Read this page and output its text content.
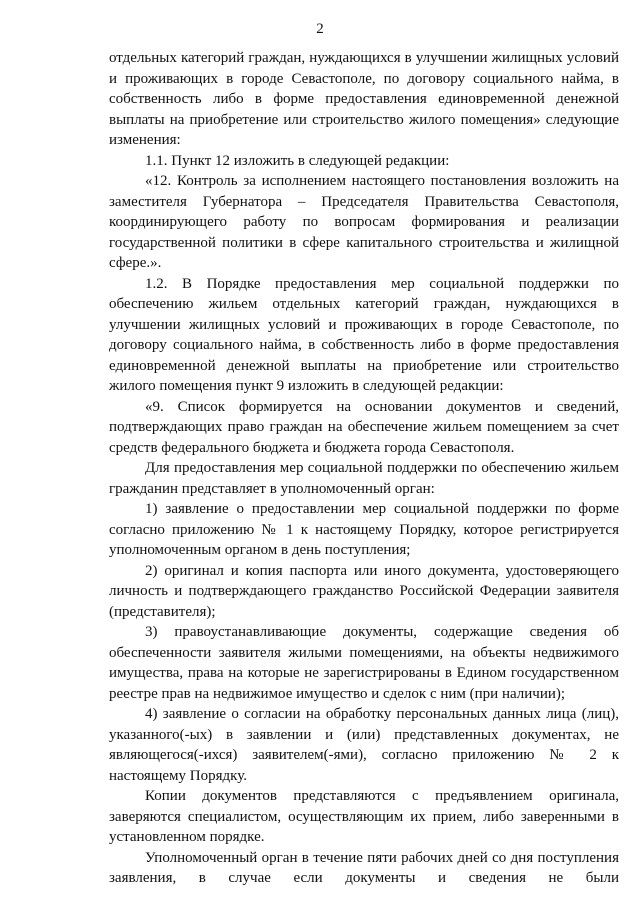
2

отдельных категорий граждан, нуждающихся в улучшении жилищных условий и проживающих в городе Севастополе, по договору социального найма, в собственность либо в форме предоставления единовременной денежной выплаты на приобретение или строительство жилого помещения» следующие изменения:

1.1. Пункт 12 изложить в следующей редакции:

«12. Контроль за исполнением настоящего постановления возложить на заместителя Губернатора – Председателя Правительства Севастополя, координирующего работу по вопросам формирования и реализации государственной политики в сфере капитального строительства и жилищной сфере.».

1.2. В Порядке предоставления мер социальной поддержки по обеспечению жильем отдельных категорий граждан, нуждающихся в улучшении жилищных условий и проживающих в городе Севастополе, по договору социального найма, в собственность либо в форме предоставления единовременной денежной выплаты на приобретение или строительство жилого помещения пункт 9 изложить в следующей редакции:

«9. Список формируется на основании документов и сведений, подтверждающих право граждан на обеспечение жильем помещением за счет средств федерального бюджета и бюджета города Севастополя.

Для предоставления мер социальной поддержки по обеспечению жильем гражданин представляет в уполномоченный орган:

1) заявление о предоставлении мер социальной поддержки по форме согласно приложению № 1 к настоящему Порядку, которое регистрируется уполномоченным органом в день поступления;

2) оригинал и копия паспорта или иного документа, удостоверяющего личность и подтверждающего гражданство Российской Федерации заявителя (представителя);

3) правоустанавливающие документы, содержащие сведения об обеспеченности заявителя жилыми помещениями, на объекты недвижимого имущества, права на которые не зарегистрированы в Едином государственном реестре прав на недвижимое имущество и сделок с ним (при наличии);

4) заявление о согласии на обработку персональных данных лица (лиц), указанного(-ых) в заявлении и (или) представленных документах, не являющегося(-ихся) заявителем(-ями), согласно приложению № 2 к настоящему Порядку.

Копии документов представляются с предъявлением оригинала, заверяются специалистом, осуществляющим их прием, либо заверенными в установленном порядке.

Уполномоченный орган в течение пяти рабочих дней со дня поступления заявления, в случае если документы и сведения не были
